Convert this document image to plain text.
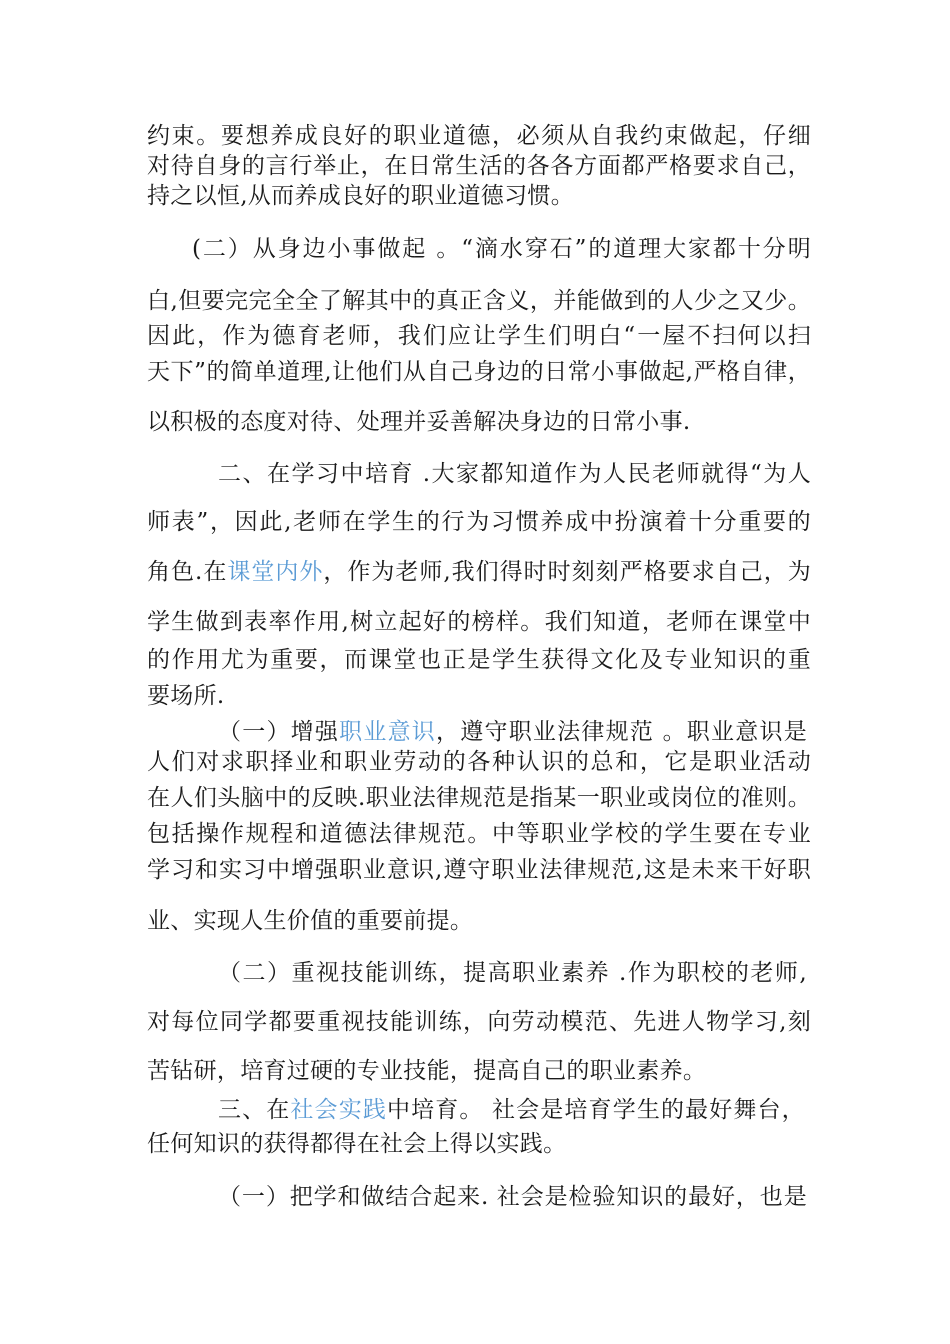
约束。要想养成良好的职业道德，必须从自我约束做起，仔细
对待自身的言行举止，在日常生活的各各方面都严格要求自己，
持之以恒,从而养成良好的职业道德习惯。
(二）从身边小事做起 。“滴水穿石”的道理大家都十分明
白,但要完完全全了解其中的真正含义，并能做到的人少之又少。
因此，作为德育老师，我们应让学生们明白“一屋不扫何以扫
天下”的简单道理,让他们从自己身边的日常小事做起,严格自律，
以积极的态度对待、处理并妥善解决身边的日常小事.
二、在学习中培育 .大家都知道作为人民老师就得“为人
师表”，因此,老师在学生的行为习惯养成中扮演着十分重要的
角色.在课堂内外，作为老师,我们得时时刻刻严格要求自己，为
学生做到表率作用,树立起好的榜样。我们知道，老师在课堂中
的作用尤为重要，而课堂也正是学生获得文化及专业知识的重
要场所.
（一）增强职业意识，遵守职业法律规范 。职业意识是
人们对求职择业和职业劳动的各种认识的总和，它是职业活动
在人们头脑中的反映.职业法律规范是指某一职业或岗位的准则。
包括操作规程和道德法律规范。中等职业学校的学生要在专业
学习和实习中增强职业意识,遵守职业法律规范,这是未来干好职
业、实现人生价值的重要前提。
（二）重视技能训练，提高职业素养 .作为职校的老师,
对每位同学都要重视技能训练，向劳动模范、先进人物学习,刻
苦钻研，培育过硬的专业技能，提高自己的职业素养。
三、在社会实践中培育。 社会是培育学生的最好舞台，
任何知识的获得都得在社会上得以实践。
（一）把学和做结合起来. 社会是检验知识的最好，也是
